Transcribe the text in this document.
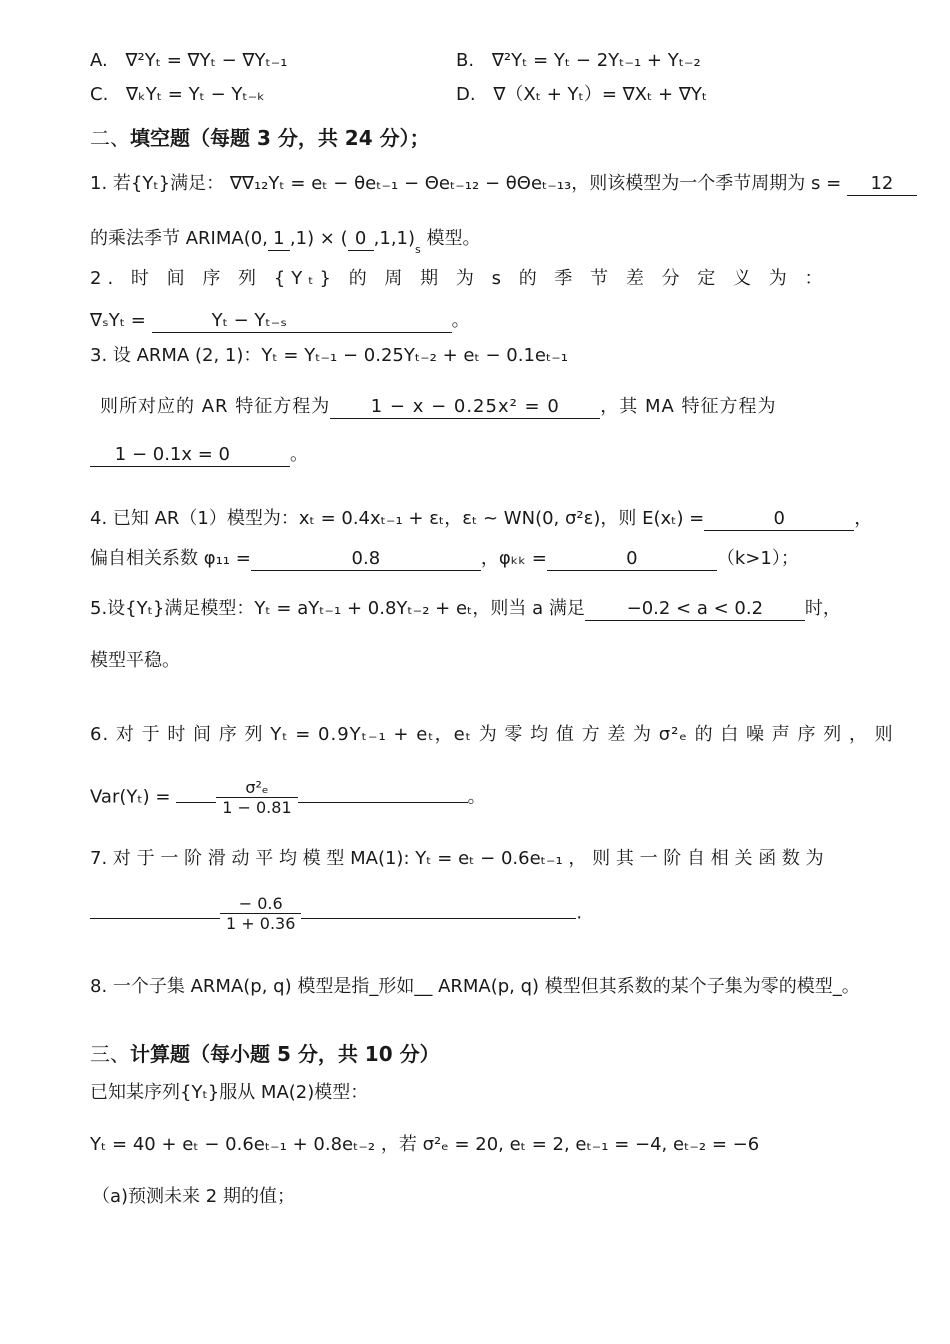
A. ∇²Yₜ = ∇Yₜ − ∇Yₜ₋₁	B. ∇²Yₜ = Yₜ − 2Yₜ₋₁ + Yₜ₋₂
C. ∇ₖYₜ = Yₜ − Yₜ₋ₖ	D. ∇（Xₜ + Yₜ）= ∇Xₜ + ∇Yₜ
二、填空题（每题 3 分，共 24 分）；
1. 若{Yₜ}满足： ∇∇₁₂Yₜ = eₜ − θeₜ₋₁ − Θeₜ₋₁₂ − θΘeₜ₋₁₃，则该模型为一个季节周期为 s = 12
的乘法季节 ARIMA(0, 1 ,1) × ( 0 $,1,1)_s$ 模型。
2. 时 间 序 列 {Yₜ} 的 周 期 为 s 的 季 节 差 分 定 义 为 ：
∇ₛYₜ =	Yₜ − Yₜ₋ₛ	。
3. 设 ARMA (2, 1)：Yₜ = Yₜ₋₁ − 0.25Yₜ₋₂ + eₜ − 0.1eₜ₋₁
则所对应的 AR 特征方程为 1 − x − 0.25x² = 0 ，其 MA 特征方程为
1 − 0.1x = 0	。
4. 已知 AR（1）模型为：xₜ = 0.4xₜ₋₁ + εₜ，εₜ ~ WN(0, σ²ε)，则 E(xₜ) =	0	，
偏自相关系数 φ₁₁ =	0.8	，φₖₖ =	0	（k>1）；
5.设{Yₜ}满足模型：Yₜ = aYₜ₋₁ + 0.8Yₜ₋₂ + eₜ，则当 a 满足 −0.2 < a < 0.2 时，
模型平稳。
6. 对 于 时 间 序 列 Yₜ = 0.9Yₜ₋₁ + eₜ，eₜ 为 零 均 值 方 差 为 σ²ₑ 的 白 噪 声 序 列 ， 则
Var(Yₜ) =	$\frac{\text{σ²ₑ}}{1 - 0.81}$	。
7. 对 于 一 阶 滑 动 平 均 模 型 MA(1): Yₜ = eₜ − 0.6eₜ₋₁ ， 则 其 一 阶 自 相 关 函 数 为
$\frac{- 0.6}{1 + 0.36}$	.
8. 一个子集 ARMA(p, q) 模型是指_形如__ ARMA(p, q) 模型但其系数的某个子集为零的模型_。
三、计算题（每小题 5 分，共 10 分）
已知某序列{Yₜ}服从 MA(2)模型：
Yₜ = 40 + eₜ − 0.6eₜ₋₁ + 0.8eₜ₋₂ ，若 σ²ₑ = 20, eₜ = 2, eₜ₋₁ = −4, eₜ₋₂ = −6
（a)预测未来 2 期的值；
